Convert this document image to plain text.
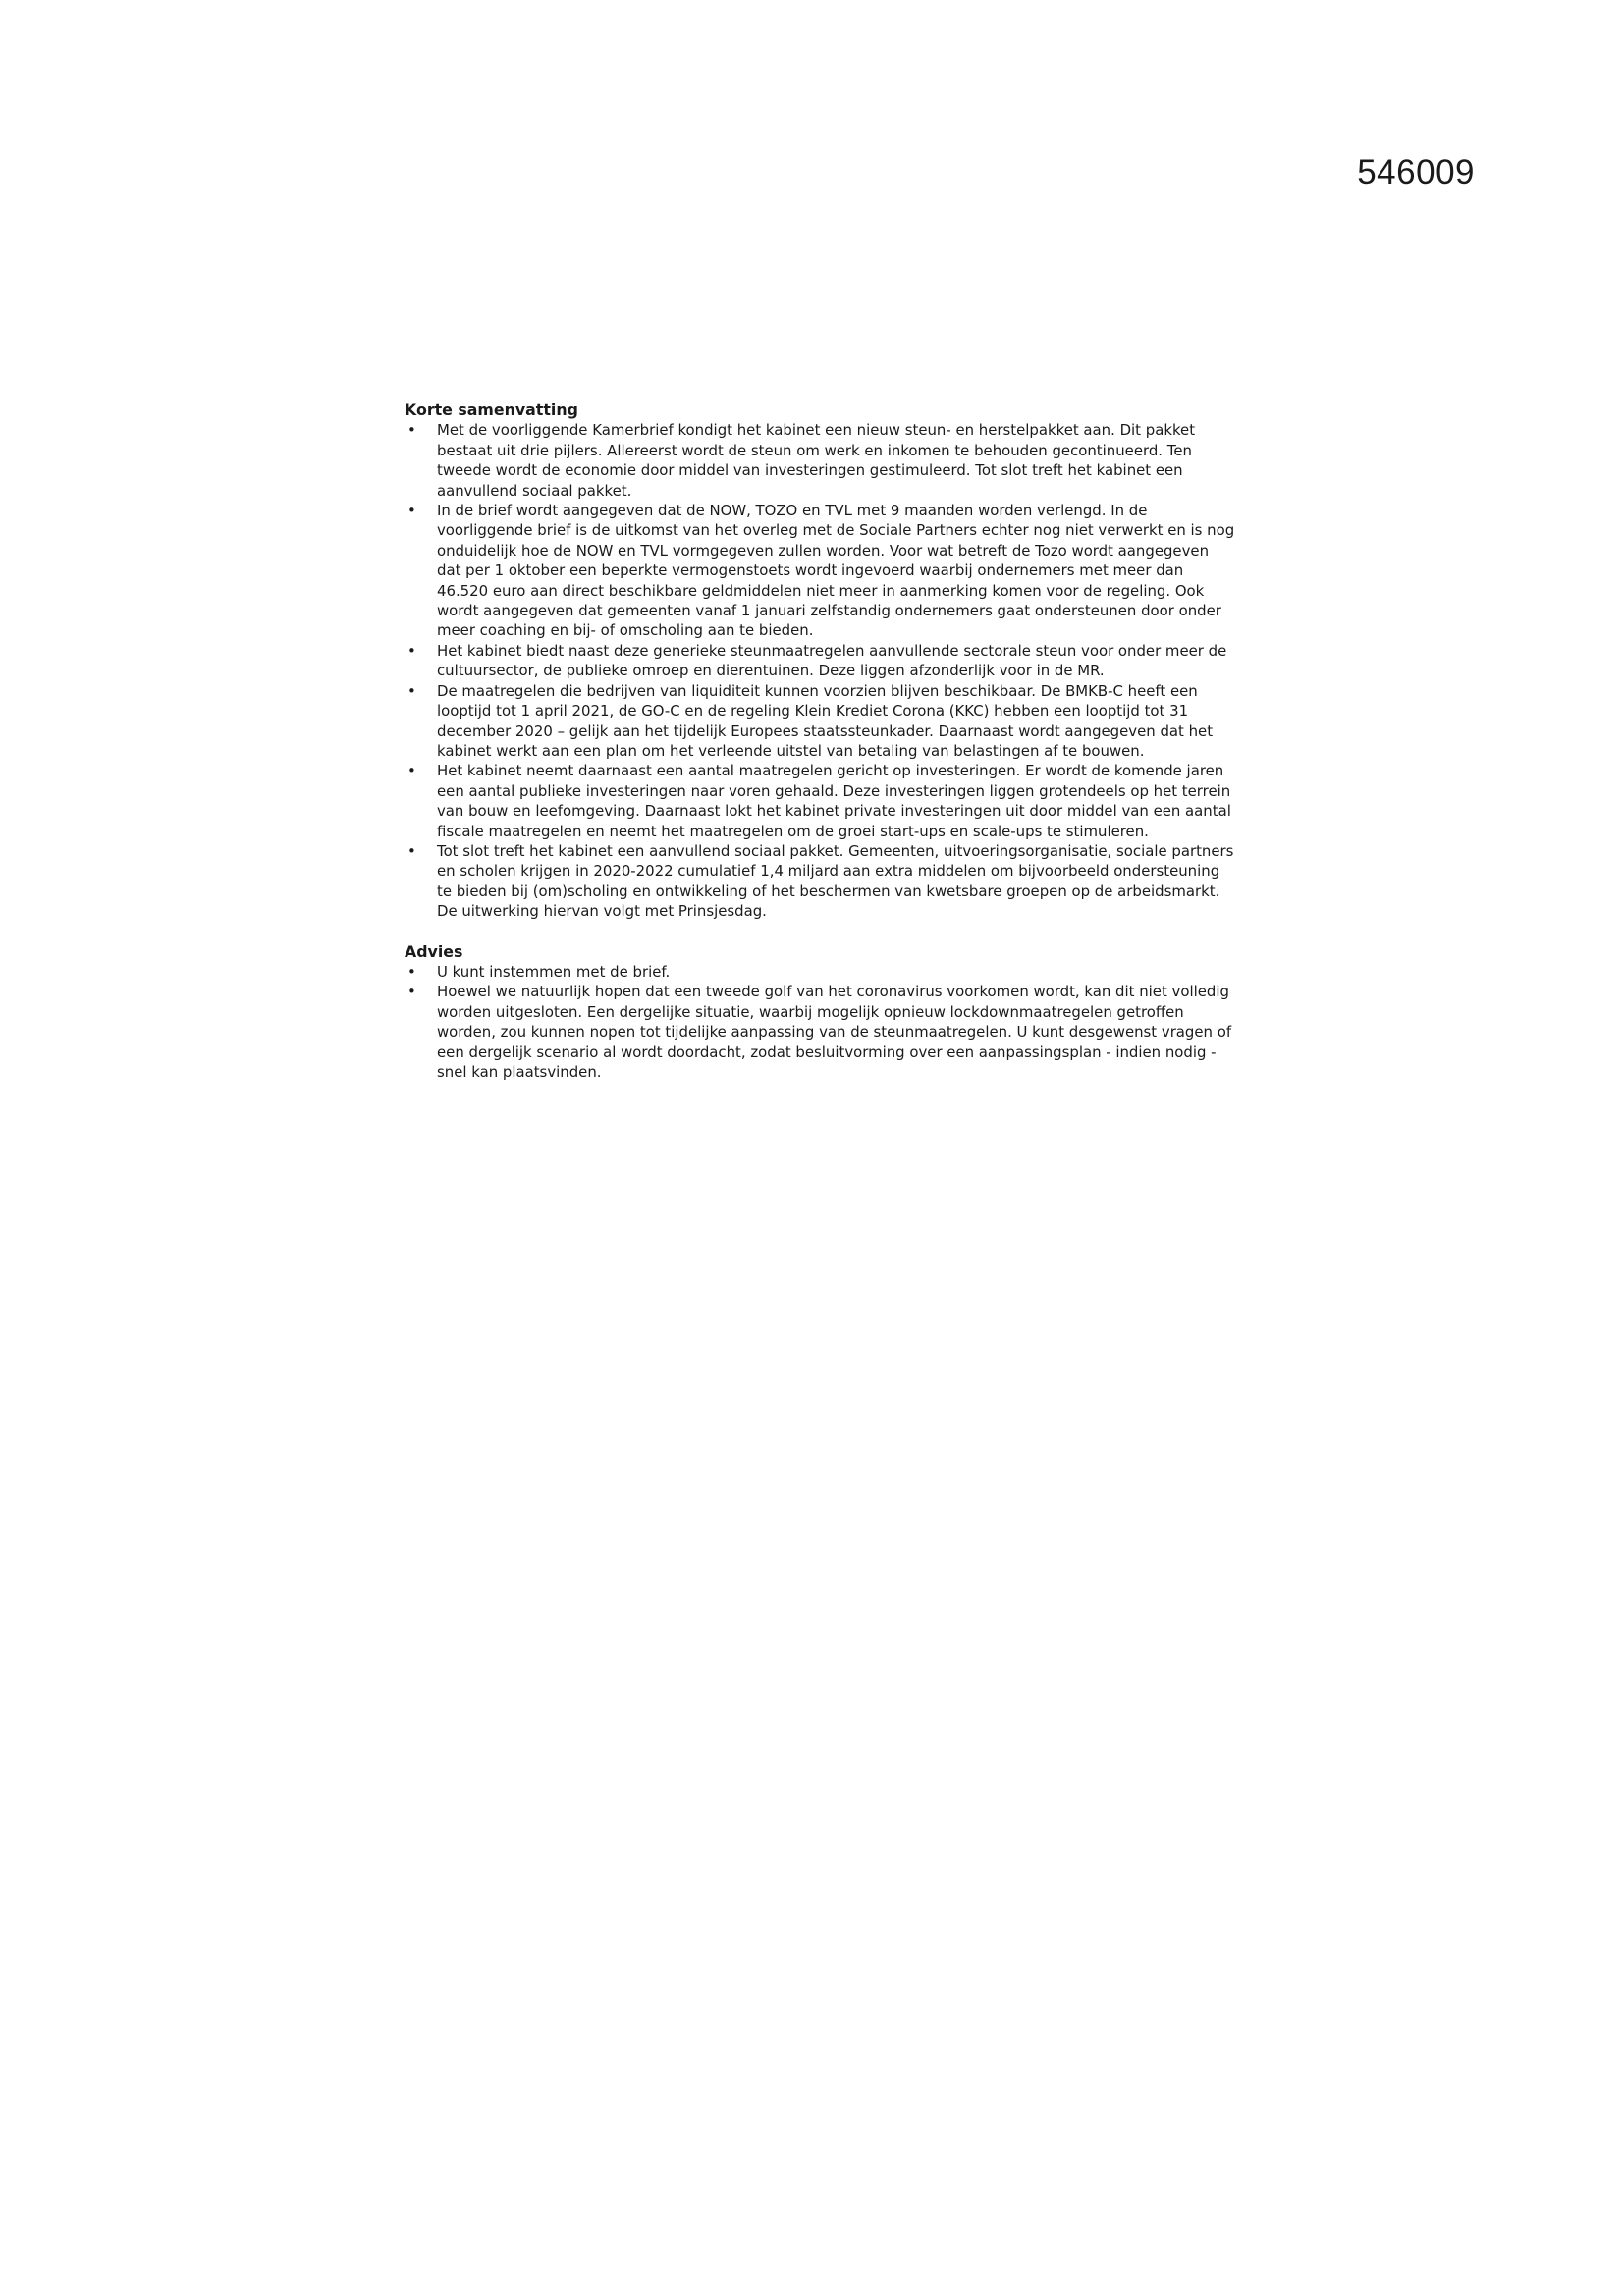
546009

Korte samenvatting

• Met de voorliggende Kamerbrief kondigt het kabinet een nieuw steun- en herstelpakket aan. Dit pakket bestaat uit drie pijlers. Allereerst wordt de steun om werk en inkomen te behouden gecontinueerd. Ten tweede wordt de economie door middel van investeringen gestimuleerd. Tot slot treft het kabinet een aanvullend sociaal pakket.
• In de brief wordt aangegeven dat de NOW, TOZO en TVL met 9 maanden worden verlengd. In de voorliggende brief is de uitkomst van het overleg met de Sociale Partners echter nog niet verwerkt en is nog onduidelijk hoe de NOW en TVL vormgegeven zullen worden. Voor wat betreft de Tozo wordt aangegeven dat per 1 oktober een beperkte vermogenstoets wordt ingevoerd waarbij ondernemers met meer dan 46.520 euro aan direct beschikbare geldmiddelen niet meer in aanmerking komen voor de regeling. Ook wordt aangegeven dat gemeenten vanaf 1 januari zelfstandig ondernemers gaat ondersteunen door onder meer coaching en bij- of omscholing aan te bieden.
• Het kabinet biedt naast deze generieke steunmaatregelen aanvullende sectorale steun voor onder meer de cultuursector, de publieke omroep en dierentuinen. Deze liggen afzonderlijk voor in de MR.
• De maatregelen die bedrijven van liquiditeit kunnen voorzien blijven beschikbaar. De BMKB-C heeft een looptijd tot 1 april 2021, de GO-C en de regeling Klein Krediet Corona (KKC) hebben een looptijd tot 31 december 2020 – gelijk aan het tijdelijk Europees staatssteunkader. Daarnaast wordt aangegeven dat het kabinet werkt aan een plan om het verleende uitstel van betaling van belastingen af te bouwen.
• Het kabinet neemt daarnaast een aantal maatregelen gericht op investeringen. Er wordt de komende jaren een aantal publieke investeringen naar voren gehaald. Deze investeringen liggen grotendeels op het terrein van bouw en leefomgeving. Daarnaast lokt het kabinet private investeringen uit door middel van een aantal fiscale maatregelen en neemt het maatregelen om de groei start-ups en scale-ups te stimuleren.
• Tot slot treft het kabinet een aanvullend sociaal pakket. Gemeenten, uitvoeringsorganisatie, sociale partners en scholen krijgen in 2020-2022 cumulatief 1,4 miljard aan extra middelen om bijvoorbeeld ondersteuning te bieden bij (om)scholing en ontwikkeling of het beschermen van kwetsbare groepen op de arbeidsmarkt. De uitwerking hiervan volgt met Prinsjesdag.

Advies

• U kunt instemmen met de brief.
• Hoewel we natuurlijk hopen dat een tweede golf van het coronavirus voorkomen wordt, kan dit niet volledig worden uitgesloten. Een dergelijke situatie, waarbij mogelijk opnieuw lockdownmaatregelen getroffen worden, zou kunnen nopen tot tijdelijke aanpassing van de steunmaatregelen. U kunt desgewenst vragen of een dergelijk scenario al wordt doordacht, zodat besluitvorming over een aanpassingsplan - indien nodig - snel kan plaatsvinden.
